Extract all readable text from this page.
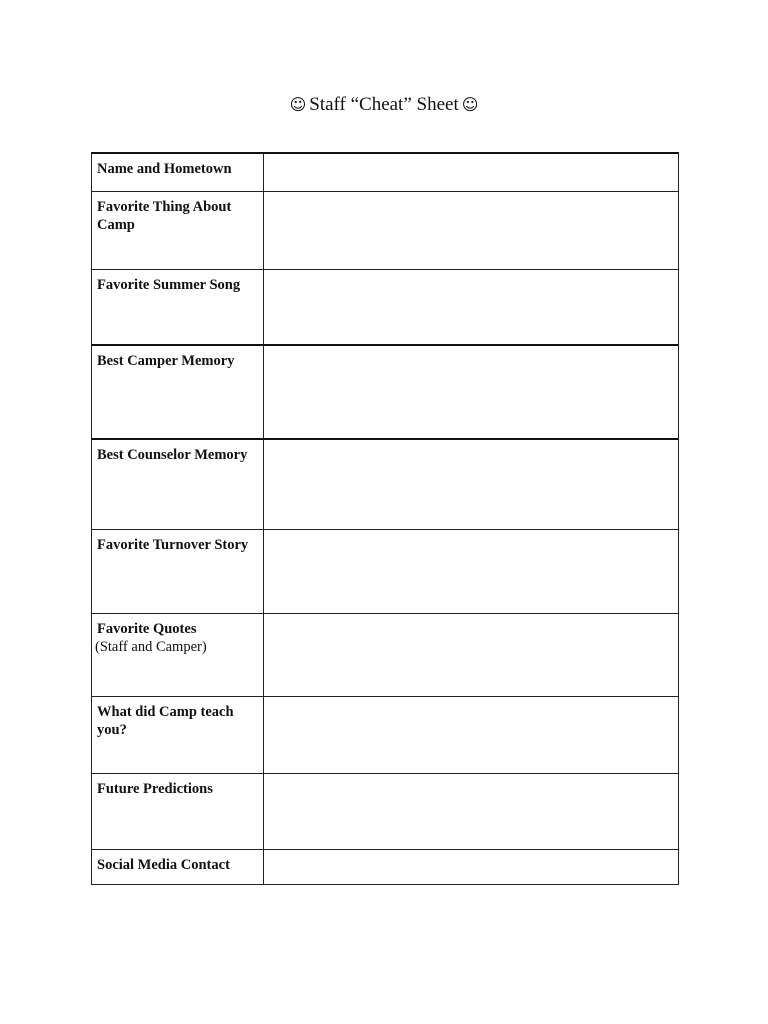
☺ Staff “Cheat” Sheet ☺
Name and Hometown	
Favorite Thing About Camp	
Favorite Summer Song	
Best Camper Memory	
Best Counselor Memory	
Favorite Turnover Story	
Favorite Quotes
(Staff and Camper)	

What did Camp teach you?	
Future Predictions	
Social Media Contact	
